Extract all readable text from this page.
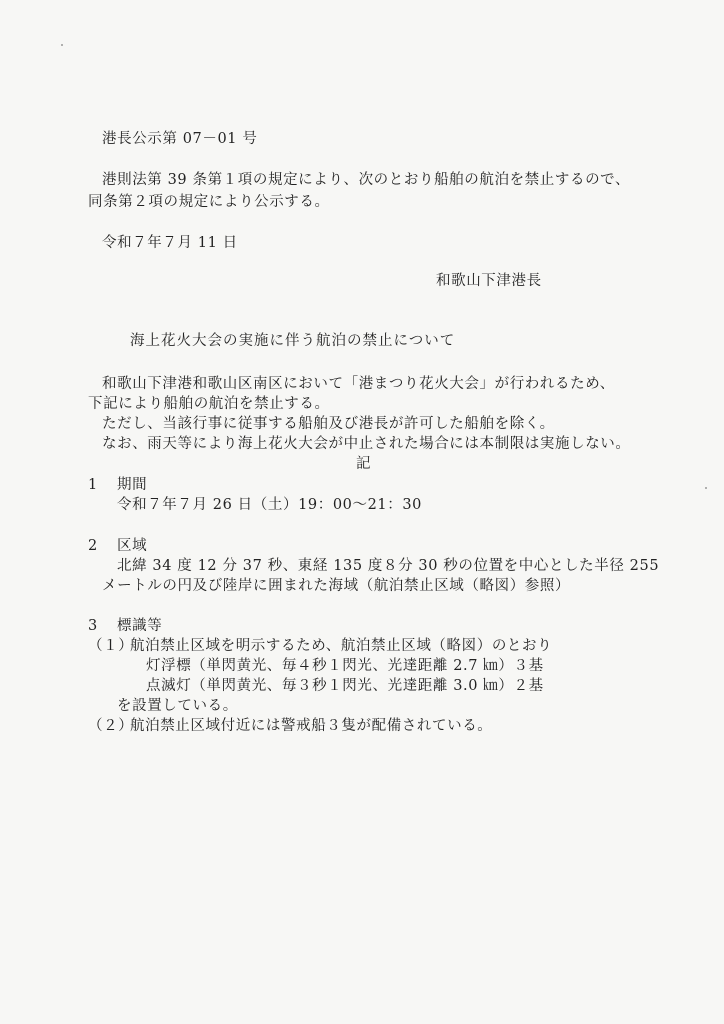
港長公示第 07－01 号
港則法第 39 条第１項の規定により、次のとおり船舶の航泊を禁止するので、
同条第２項の規定により公示する。
令和７年７月 11 日
和歌山下津港長
海上花火大会の実施に伴う航泊の禁止について
和歌山下津港和歌山区南区において「港まつり花火大会」が行われるため、
下記により船舶の航泊を禁止する。
ただし、当該行事に従事する船舶及び港長が許可した船舶を除く。
なお、雨天等により海上花火大会が中止された場合には本制限は実施しない。
記
1 期間
令和７年７月 26 日（土）19：00～21：30
2 区域
北緯 34 度 12 分 37 秒、東経 135 度８分 30 秒の位置を中心とした半径 255
メートルの円及び陸岸に囲まれた海域（航泊禁止区域（略図）参照）
3 標識等
（１）
航泊禁止区域を明示するため、航泊禁止区域（略図）のとおり
灯浮標（単閃黄光、毎４秒１閃光、光達距離 2.7 ㎞）３基
点滅灯（単閃黄光、毎３秒１閃光、光達距離 3.0 ㎞）２基
を設置している。
（２）
航泊禁止区域付近には警戒船３隻が配備されている。
